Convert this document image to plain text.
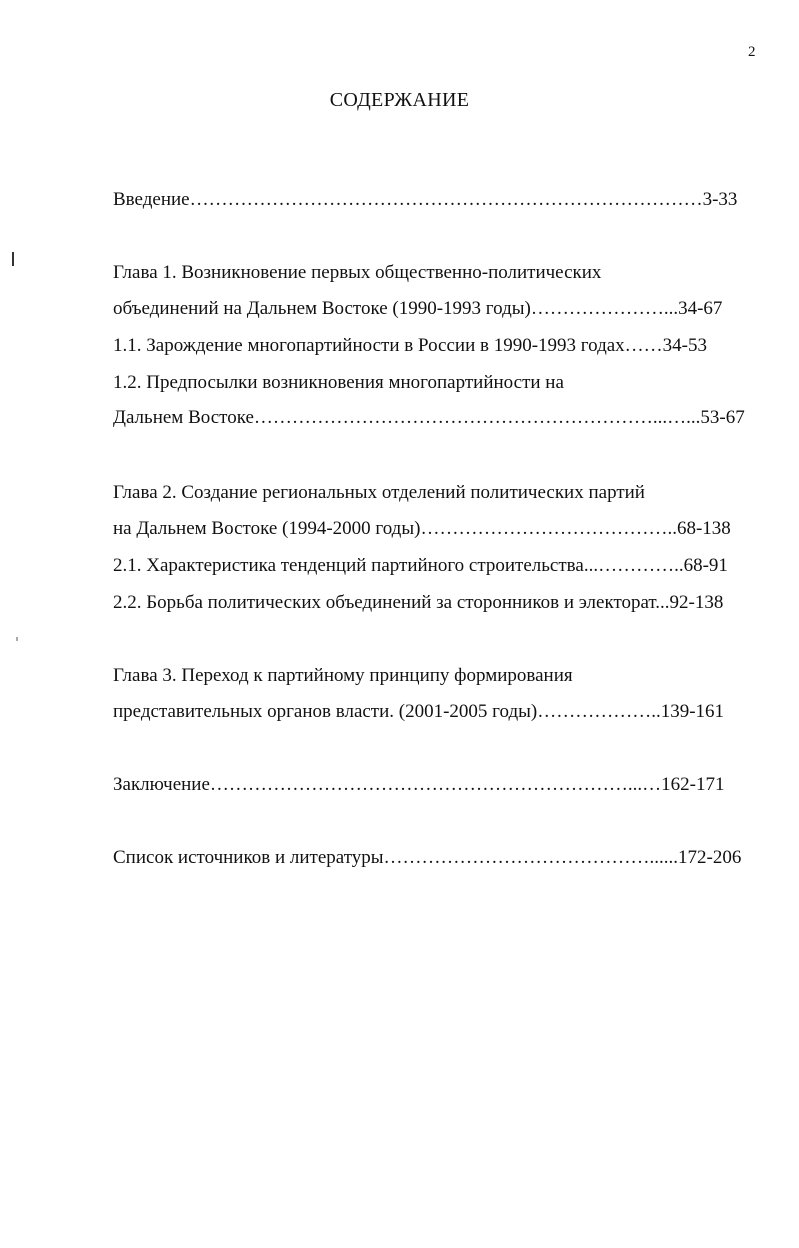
2
СОДЕРЖАНИЕ
Введение………………………………………………………………………3-33
Глава 1. Возникновение первых общественно-политических
объединений на Дальнем Востоке (1990-1993 годы)…………………...34-67
1.1. Зарождение многопартийности в России в 1990-1993 годах……34-53
1.2. Предпосылки возникновения многопартийности на
Дальнем Востоке………………………………………………………...…...53-67
Глава 2. Создание региональных отделений политических партий
на Дальнем Востоке (1994-2000 годы)…………………………………..68-138
2.1. Характеристика тенденций партийного строительства...…………..68-91
2.2. Борьба политических объединений за сторонников и электорат...92-138
Глава 3. Переход к партийному принципу формирования
представительных органов власти. (2001-2005 годы)………………..139-161
Заключение…………………………………………………………...…162-171
Список источников и литературы……………………………………......172-206
